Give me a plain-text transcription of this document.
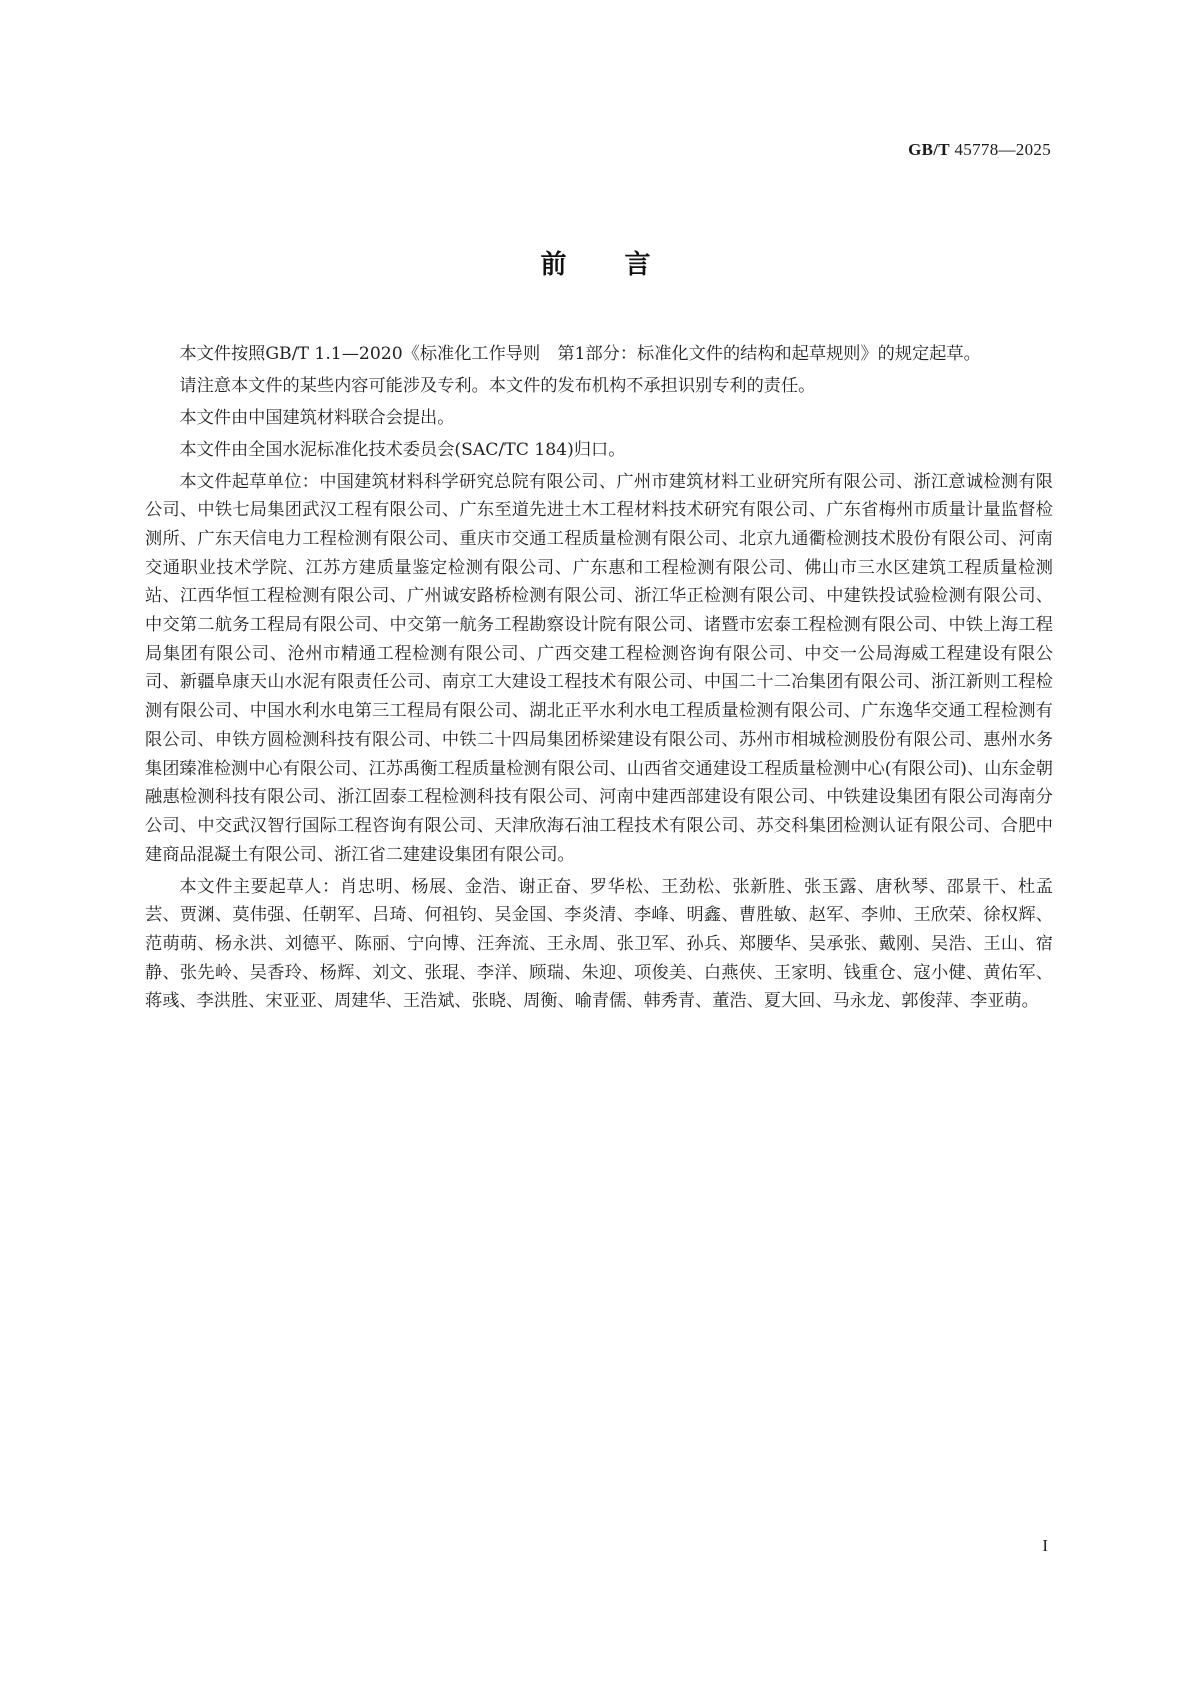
GB/T 45778—2025
前言

本文件按照GB/T 1.1—2020《标准化工作导则　第1部分：标准化文件的结构和起草规则》的规定起草。

请注意本文件的某些内容可能涉及专利。本文件的发布机构不承担识别专利的责任。

本文件由中国建筑材料联合会提出。

本文件由全国水泥标准化技术委员会(SAC/TC 184)归口。

本文件起草单位：中国建筑材料科学研究总院有限公司、广州市建筑材料工业研究所有限公司、浙江意诚检测有限公司、中铁七局集团武汉工程有限公司、广东至道先进土木工程材料技术研究有限公司、广东省梅州市质量计量监督检测所、广东天信电力工程检测有限公司、重庆市交通工程质量检测有限公司、北京九通衢检测技术股份有限公司、河南交通职业技术学院、江苏方建质量鉴定检测有限公司、广东惠和工程检测有限公司、佛山市三水区建筑工程质量检测站、江西华恒工程检测有限公司、广州诚安路桥检测有限公司、浙江华正检测有限公司、中建铁投试验检测有限公司、中交第二航务工程局有限公司、中交第一航务工程勘察设计院有限公司、诸暨市宏泰工程检测有限公司、中铁上海工程局集团有限公司、沧州市精通工程检测有限公司、广西交建工程检测咨询有限公司、中交一公局海威工程建设有限公司、新疆阜康天山水泥有限责任公司、南京工大建设工程技术有限公司、中国二十二冶集团有限公司、浙江新则工程检测有限公司、中国水利水电第三工程局有限公司、湖北正平水利水电工程质量检测有限公司、广东逸华交通工程检测有限公司、申铁方圆检测科技有限公司、中铁二十四局集团桥梁建设有限公司、苏州市相城检测股份有限公司、惠州水务集团臻准检测中心有限公司、江苏禹衡工程质量检测有限公司、山西省交通建设工程质量检测中心(有限公司)、山东金朝融惠检测科技有限公司、浙江固泰工程检测科技有限公司、河南中建西部建设有限公司、中铁建设集团有限公司海南分公司、中交武汉智行国际工程咨询有限公司、天津欣海石油工程技术有限公司、苏交科集团检测认证有限公司、合肥中建商品混凝土有限公司、浙江省二建建设集团有限公司。

本文件主要起草人：肖忠明、杨展、金浩、谢正奋、罗华松、王劲松、张新胜、张玉露、唐秋琴、邵景干、杜孟芸、贾渊、莫伟强、任朝军、吕琦、何祖钧、吴金国、李炎清、李峰、明鑫、曹胜敏、赵军、李帅、王欣荣、徐权辉、范萌萌、杨永洪、刘德平、陈丽、宁向博、汪奔流、王永周、张卫军、孙兵、郑腰华、吴承张、戴刚、吴浩、王山、宿静、张先岭、吴香玲、杨辉、刘文、张琨、李洋、顾瑞、朱迎、项俊美、白燕侠、王家明、钱重仓、寇小健、黄佑军、蒋彧、李洪胜、宋亚亚、周建华、王浩斌、张晓、周衡、喻青儒、韩秀青、董浩、夏大回、马永龙、郭俊萍、李亚萌。

I
